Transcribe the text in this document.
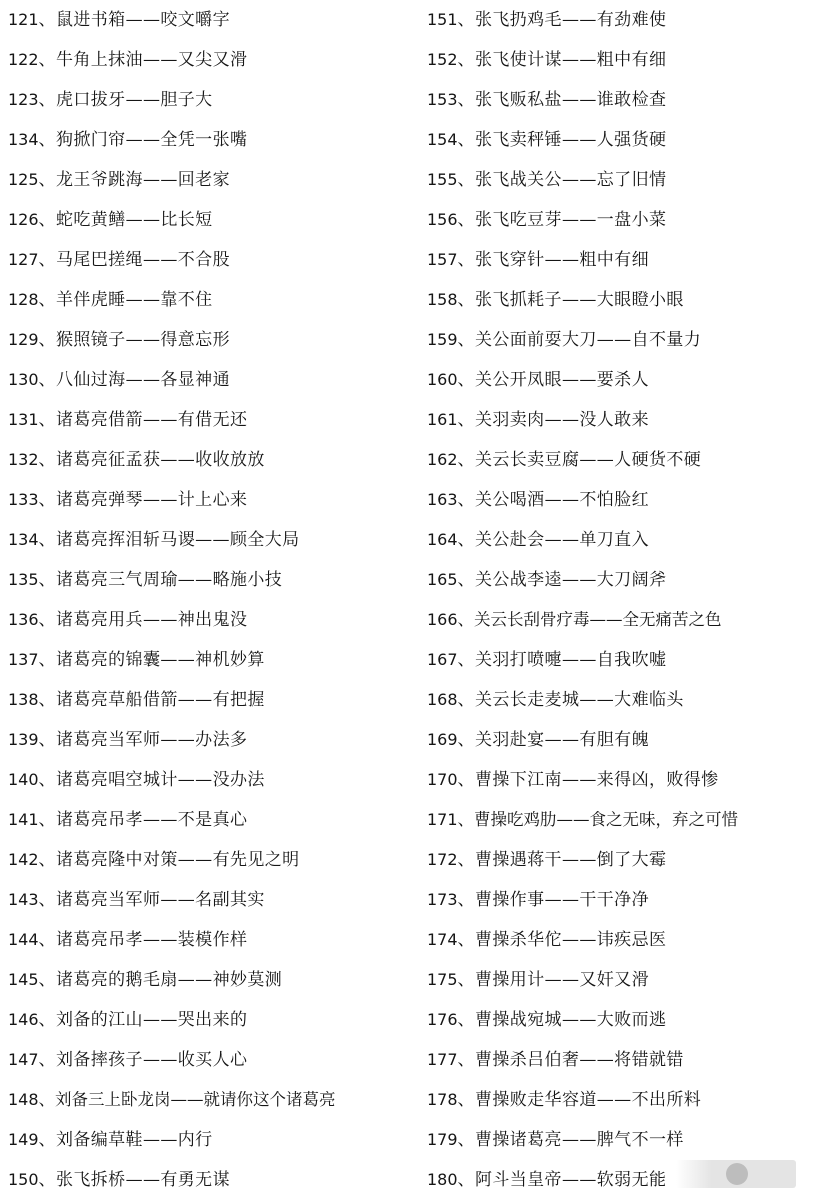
121、鼠进书箱——咬文嚼字
122、牛角上抹油——又尖又滑
123、虎口拔牙——胆子大
134、狗掀门帘——全凭一张嘴
125、龙王爷跳海——回老家
126、蛇吃黄鳝——比长短
127、马尾巴搓绳——不合股
128、羊伴虎睡——靠不住
129、猴照镜子——得意忘形
130、八仙过海——各显神通
131、诸葛亮借箭——有借无还
132、诸葛亮征孟获——收收放放
133、诸葛亮弹琴——计上心来
134、诸葛亮挥泪斩马谡——顾全大局
135、诸葛亮三气周瑜——略施小技
136、诸葛亮用兵——神出鬼没
137、诸葛亮的锦囊——神机妙算
138、诸葛亮草船借箭——有把握
139、诸葛亮当军师——办法多
140、诸葛亮唱空城计——没办法
141、诸葛亮吊孝——不是真心
142、诸葛亮隆中对策——有先见之明
143、诸葛亮当军师——名副其实
144、诸葛亮吊孝——装模作样
145、诸葛亮的鹅毛扇——神妙莫测
146、刘备的江山——哭出来的
147、刘备摔孩子——收买人心
148、刘备三上卧龙岗——就请你这个诸葛亮
149、刘备编草鞋——内行
150、张飞拆桥——有勇无谋
151、张飞扔鸡毛——有劲难使
152、张飞使计谋——粗中有细
153、张飞贩私盐——谁敢检查
154、张飞卖秤锤——人强货硬
155、张飞战关公——忘了旧情
156、张飞吃豆芽——一盘小菜
157、张飞穿针——粗中有细
158、张飞抓耗子——大眼瞪小眼
159、关公面前耍大刀——自不量力
160、关公开凤眼——要杀人
161、关羽卖肉——没人敢来
162、关云长卖豆腐——人硬货不硬
163、关公喝酒——不怕脸红
164、关公赴会——单刀直入
165、关公战李逵——大刀阔斧
166、关云长刮骨疗毒——全无痛苦之色
167、关羽打喷嚏——自我吹嘘
168、关云长走麦城——大难临头
169、关羽赴宴——有胆有魄
170、曹操下江南——来得凶，败得惨
171、曹操吃鸡肋——食之无味，弃之可惜
172、曹操遇蒋干——倒了大霉
173、曹操作事——干干净净
174、曹操杀华佗——讳疾忌医
175、曹操用计——又奸又滑
176、曹操战宛城——大败而逃
177、曹操杀吕伯奢——将错就错
178、曹操败走华容道——不出所料
179、曹操诸葛亮——脾气不一样
180、阿斗当皇帝——软弱无能
